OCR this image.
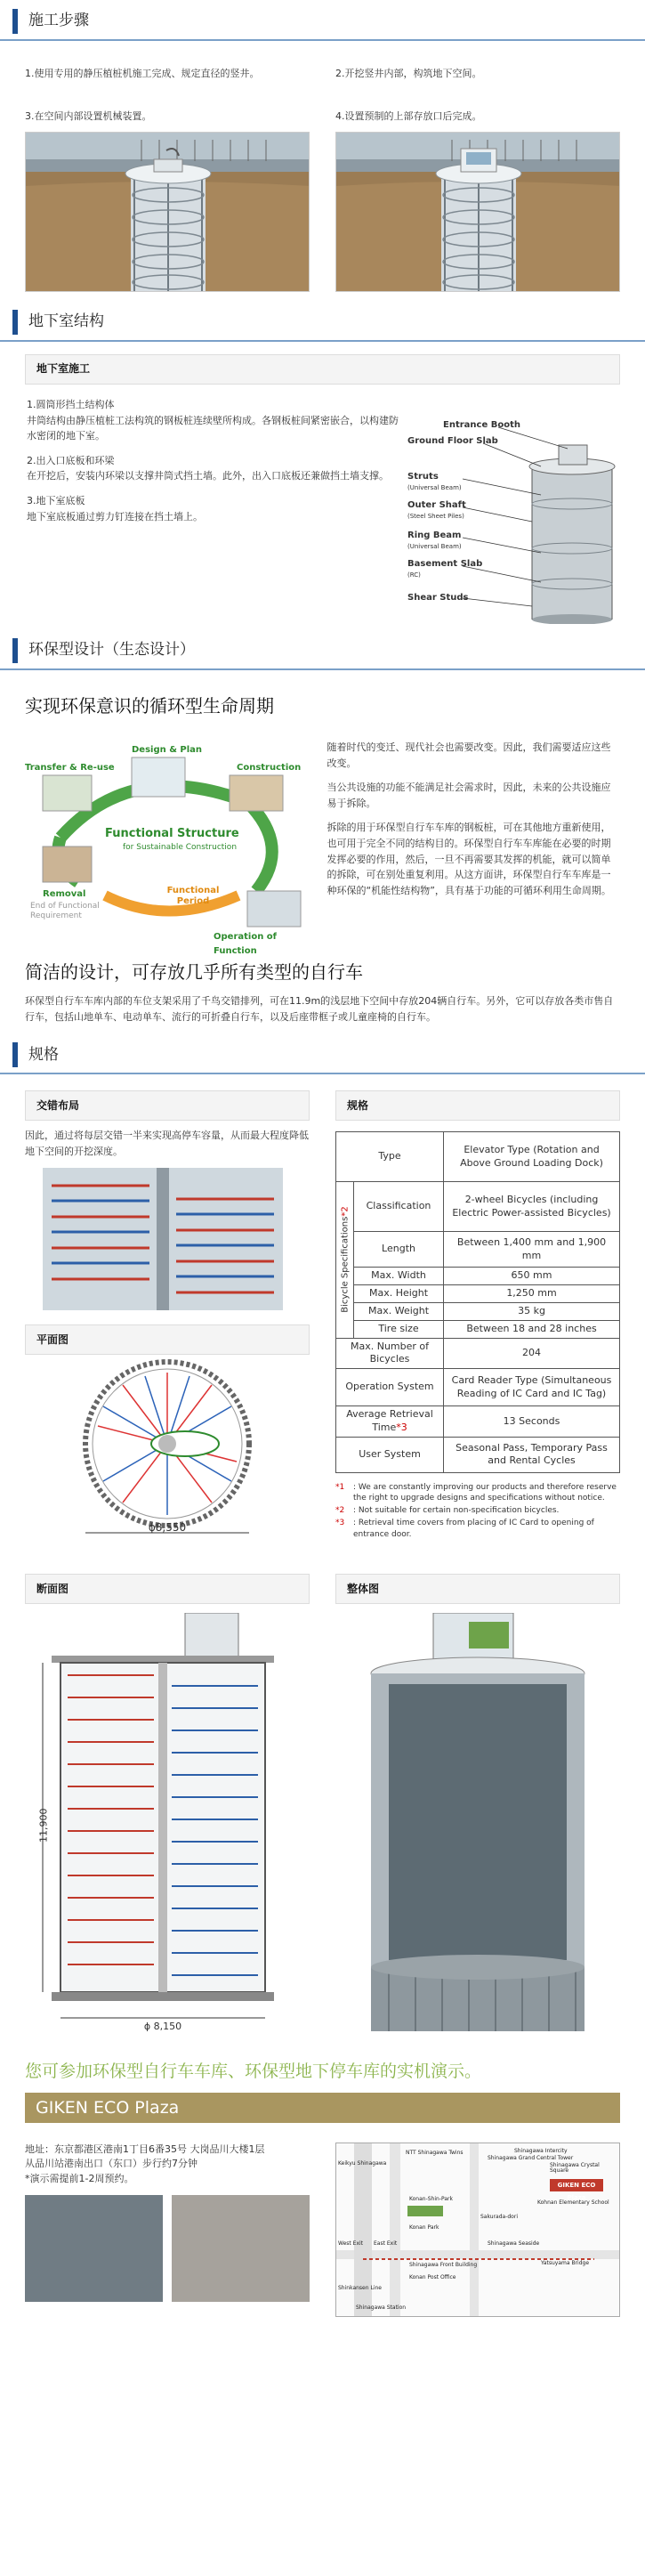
施工步骤
1.使用专用的静压植桩机施工完成、规定直径的竖井。	2.开挖竖井内部，构筑地下空间。
3.在空间内部设置机械装置。	4.设置预制的上部存放口后完成。
地下室结构
地下室施工

1.圆筒形挡土结构体
井筒结构由静压植桩工法构筑的钢板桩连续壁所构成。各钢板桩间紧密嵌合，以构建防水密闭的地下室。

2.出入口底板和环梁
在开挖后，安装内环梁以支撑井筒式挡土墙。此外，出入口底板还兼做挡土墙支撑。

3.地下室底板
地下室底板通过剪力钉连接在挡土墙上。

Entrance Booth
Ground Floor Slab
Struts
(Universal Beam)
Outer Shaft
(Steel Sheet Piles)
Ring Beam
(Universal Beam)
Basement Slab
(RC)
Shear Studs
环保型设计（生态设计）
实现环保意识的循环型生命周期
Transfer & Re-use
Design & Plan
Construction
Functional Structure
for Sustainable Construction
Removal
End of Functional Requirement
Functional Period
Operation of Function

随着时代的变迁、现代社会也需要改变。因此，我们需要适应这些改变。

当公共设施的功能不能满足社会需求时，因此，未来的公共设施应易于拆除。

拆除的用于环保型自行车车库的钢板桩，可在其他地方重新使用，也可用于完全不同的结构目的。环保型自行车车库能在必要的时期发挥必要的作用，然后，一旦不再需要其发挥的机能，就可以简单的拆除，可在别处重复利用。从这方面讲，环保型自行车车库是一种环保的“机能性结构物”，具有基于功能的可循环利用生命周期。

简洁的设计，可存放几乎所有类型的自行车
环保型自行车车库内部的车位支架采用了千鸟交错排列，可在11.9m的浅层地下空间中存放204辆自行车。另外，它可以存放各类市售自行车，包括山地单车、电动单车、流行的可折叠自行车，以及后座带框子或儿童座椅的自行车。
规格
交错布局
因此，通过将每层交错一半来实现高停车容量，从而最大程度降低地下空间的开挖深度。
平面图
ϕ8,550
规格
Type		Elevator Type (Rotation and Above Ground Loading Dock)

Bicycle Specifications*2	Classification	2-wheel Bicycles (including Electric Power-assisted Bicycles)
	Length	Between 1,400 mm and 1,900 mm
	Max. Width	650 mm
	Max. Height	1,250 mm
	Max. Weight	35 kg
	Tire size	Between 18 and 28 inches
Max. Number of Bicycles		204
Operation System		Card Reader Type (Simultaneous Reading of IC Card and IC Tag)
Average Retrieval Time*3		13 Seconds
User System		Seasonal Pass, Temporary Pass and Rental Cycles
*1	: We are constantly improving our products and therefore reserve the right to upgrade designs and specifications without notice.
*2	: Not suitable for certain non-specification bicycles.
*3	: Retrieval time covers from placing of IC Card to opening of entrance door.
断面图
11,900
ϕ 8,150
整体图
您可参加环保型自行车车库、环保型地下停车库的实机演示。
GIKEN ECO Plaza
地址：东京都港区港南1丁目6番35号 大岗品川大楼1层
从品川站港南出口（东口）步行约7分钟
*演示需提前1-2周预约。
GIKEN ECO Plaza
NTT Shinagawa Twins	Shinagawa Intercity
Konan-Shin-Park
Konan Park
Shinagawa Grand Central Tower
Shinagawa Front Building
Konan Post Office
Shinagawa Station
West Exit East Exit
Keikyu Shinagawa
Sakurada-dori
Shinagawa Seaside
Yatsuyama Bridge
Kohnan Elementary School
Shinagawa Crystal Square
Shinkansen Line
